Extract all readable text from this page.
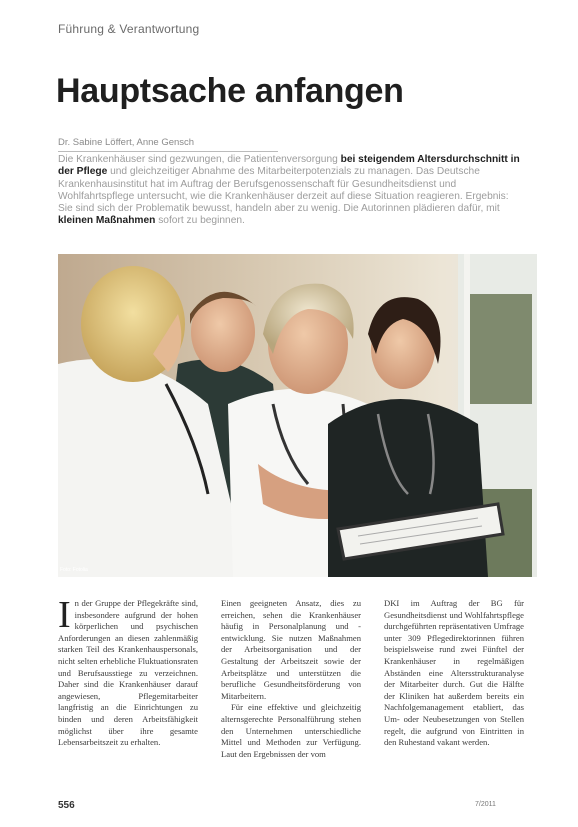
Führung & Verantwortung
Hauptsache anfangen
Dr. Sabine Löffert, Anne Gensch
Die Krankenhäuser sind gezwungen, die Patientenversorgung bei steigendem Altersdurchschnitt in der Pflege und gleichzeitiger Abnahme des Mitarbeiterpotenzials zu managen. Das Deutsche Krankenhausinstitut hat im Auftrag der Berufsgenossenschaft für Gesundheitsdienst und Wohlfahrtspflege untersucht, wie die Krankenhäuser derzeit auf diese Situation reagieren. Ergebnis: Sie sind sich der Problematik bewusst, handeln aber zu wenig. Die Autorinnen plädieren dafür, mit kleinen Maßnahmen sofort zu beginnen.
Foto: Fotolia

In der Gruppe der Pflegekräfte sind, insbesondere aufgrund der hohen körperlichen und psychischen Anforderungen an diesen zahlenmäßig starken Teil des Krankenhauspersonals, nicht selten erhebliche Fluktuationsraten und Berufsausstiege zu verzeichnen. Daher sind die Krankenhäuser darauf angewiesen, Pflegemitarbeiter langfristig an die Einrichtungen zu binden und deren Arbeitsfähigkeit möglichst über ihre gesamte Lebensarbeitszeit zu erhalten.

Einen geeigneten Ansatz, dies zu erreichen, sehen die Krankenhäuser häufig in Personalplanung und -entwicklung. Sie nutzen Maßnahmen der Arbeitsorganisation und der Gestaltung der Arbeitszeit sowie der Arbeitsplätze und unterstützen die berufliche Gesundheitsförderung von Mitarbeitern.

Für eine effektive und gleichzeitig alternsgerechte Personalführung stehen den Unternehmen unterschiedliche Mittel und Methoden zur Verfügung. Laut den Ergebnissen der vom

DKI im Auftrag der BG für Gesundheitsdienst und Wohlfahrtspflege durchgeführten repräsentativen Umfrage unter 309 Pflegedirektorinnen führen beispielsweise rund zwei Fünftel der Krankenhäuser in regelmäßigen Abständen eine Altersstrukturanalyse der Mitarbeiter durch. Gut die Hälfte der Kliniken hat außerdem bereits ein Nachfolgemanagement etabliert, das Um- oder Neubesetzungen von Stellen regelt, die aufgrund von Eintritten in den Ruhestand vakant werden.

556	7/2011
